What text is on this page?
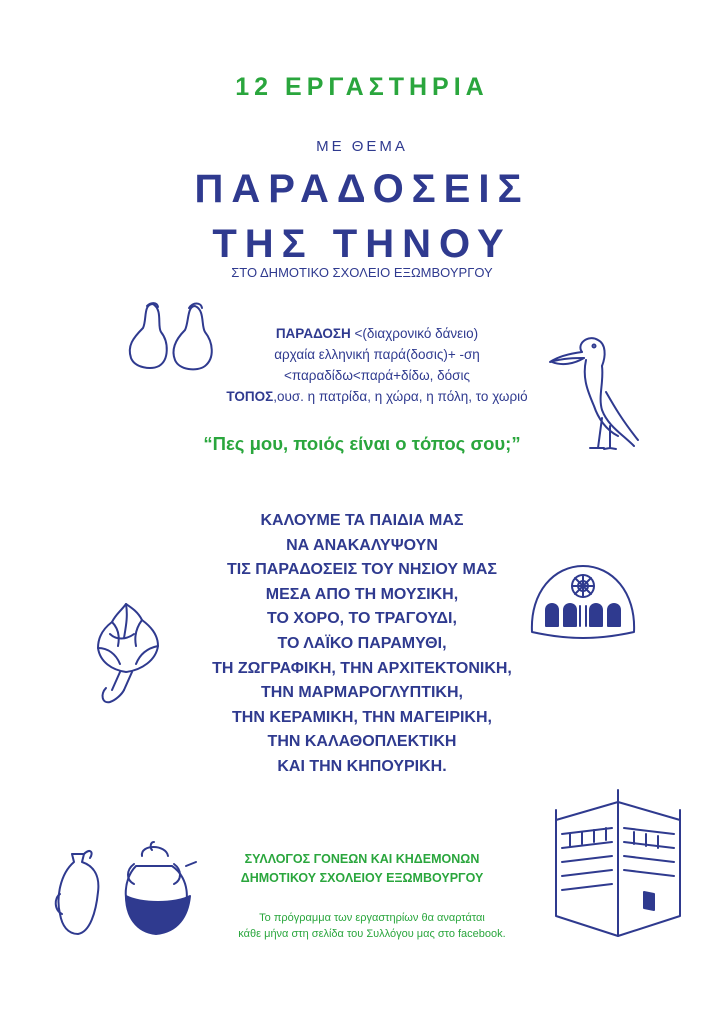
12 ΕΡΓΑΣΤΗΡΙΑ
ΜΕ ΘΕΜΑ
ΠΑΡΑΔΟΣΕΙΣ
ΤΗΣ ΤΗΝΟΥ
ΣΤΟ ΔΗΜΟΤΙΚΟ ΣΧΟΛΕΙΟ ΕΞΩΜΒΟΥΡΓΟΥ
ΠΑΡΑΔΟΣΗ <(διαχρονικό δάνειο)
αρχαία ελληνική παρά(δοσις)+ -ση
<παραδίδω<παρά+δίδω, δόσις
ΤΟΠΟΣ,ουσ. η πατρίδα, η χώρα, η πόλη, το χωριό
“Πες μου, ποιός είναι ο τόπος σου;”
ΚΑΛΟΥΜΕ ΤΑ ΠΑΙΔΙΑ ΜΑΣ
ΝΑ ΑΝΑΚΑΛΥΨΟΥΝ
ΤΙΣ ΠΑΡΑΔΟΣΕΙΣ ΤΟΥ ΝΗΣΙΟΥ ΜΑΣ
ΜΕΣΑ ΑΠΟ ΤΗ ΜΟΥΣΙΚΗ,
ΤΟ ΧΟΡΟ, ΤΟ ΤΡΑΓΟΥΔΙ,
ΤΟ ΛΑΪΚΟ ΠΑΡΑΜΥΘΙ,
ΤΗ ΖΩΓΡΑΦΙΚΗ, ΤΗΝ ΑΡΧΙΤΕΚΤΟΝΙΚΗ,
ΤΗΝ ΜΑΡΜΑΡΟΓΛΥΠΤΙΚΗ,
ΤΗΝ ΚΕΡΑΜΙΚΗ, ΤΗΝ ΜΑΓΕΙΡΙΚΗ,
ΤΗΝ ΚΑΛΑΘΟΠΛΕΚΤΙΚΗ
ΚΑΙ ΤΗΝ ΚΗΠΟΥΡΙΚΗ.
ΣΥΛΛΟΓΟΣ ΓΟΝΕΩΝ ΚΑΙ ΚΗΔΕΜΟΝΩΝ
ΔΗΜΟΤΙΚΟΥ ΣΧΟΛΕΙΟΥ ΕΞΩΜΒΟΥΡΓΟΥ
Το πρόγραμμα των εργαστηρίων θα αναρτάται
κάθε μήνα στη σελίδα του Συλλόγου μας στο facebook.
